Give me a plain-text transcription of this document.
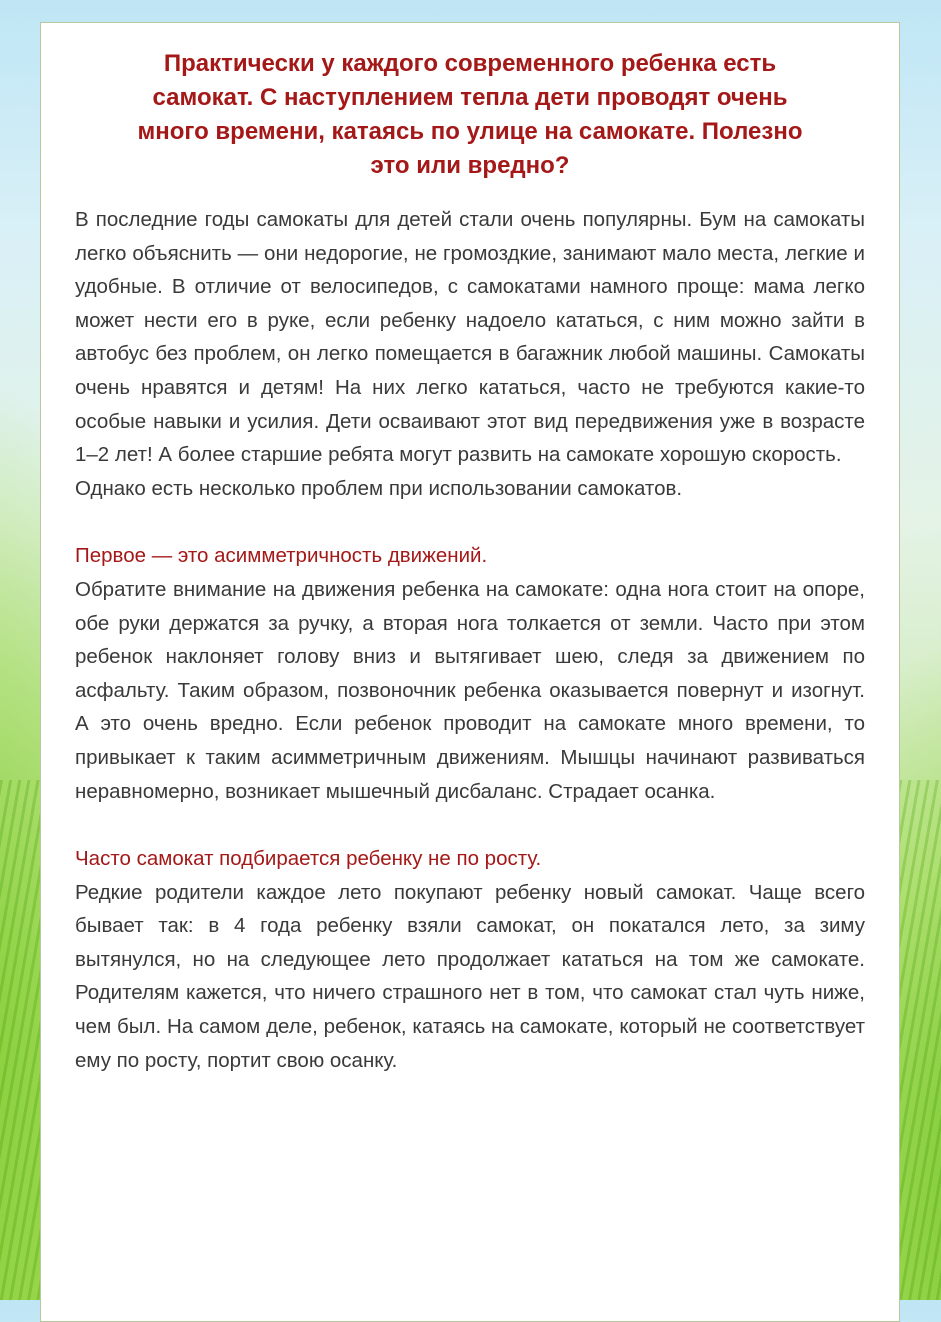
Практически у каждого современного ребенка есть самокат. С наступлением тепла дети проводят очень много времени, катаясь по улице на самокате. Полезно это или вредно?

В последние годы самокаты для детей стали очень популярны. Бум на самокаты легко объяснить — они недорогие, не громоздкие, занимают мало места, легкие и удобные. В отличие от велосипедов, с самокатами намного проще: мама легко может нести его в руке, если ребенку надоело кататься, с ним можно зайти в автобус без проблем, он легко помещается в багажник любой машины. Самокаты очень нравятся и детям! На них легко кататься, часто не требуются какие-то особые навыки и усилия. Дети осваивают этот вид передвижения уже в возрасте 1–2 лет! А более старшие ребята могут развить на самокате хорошую скорость.

Однако есть несколько проблем при использовании самокатов.

Первое — это асимметричность движений.

Обратите внимание на движения ребенка на самокате: одна нога стоит на опоре, обе руки держатся за ручку, а вторая нога толкается от земли. Часто при этом ребенок наклоняет голову вниз и вытягивает шею, следя за движением по асфальту. Таким образом, позвоночник ребенка оказывается повернут и изогнут. А это очень вредно. Если ребенок проводит на самокате много времени, то привыкает к таким асимметричным движениям. Мышцы начинают развиваться неравномерно, возникает мышечный дисбаланс. Страдает осанка.

Часто самокат подбирается ребенку не по росту.

Редкие родители каждое лето покупают ребенку новый самокат. Чаще всего бывает так: в 4 года ребенку взяли самокат, он покатался лето, за зиму вытянулся, но на следующее лето продолжает кататься на том же самокате. Родителям кажется, что ничего страшного нет в том, что самокат стал чуть ниже, чем был. На самом деле, ребенок, катаясь на самокате, который не соответствует ему по росту, портит свою осанку.
